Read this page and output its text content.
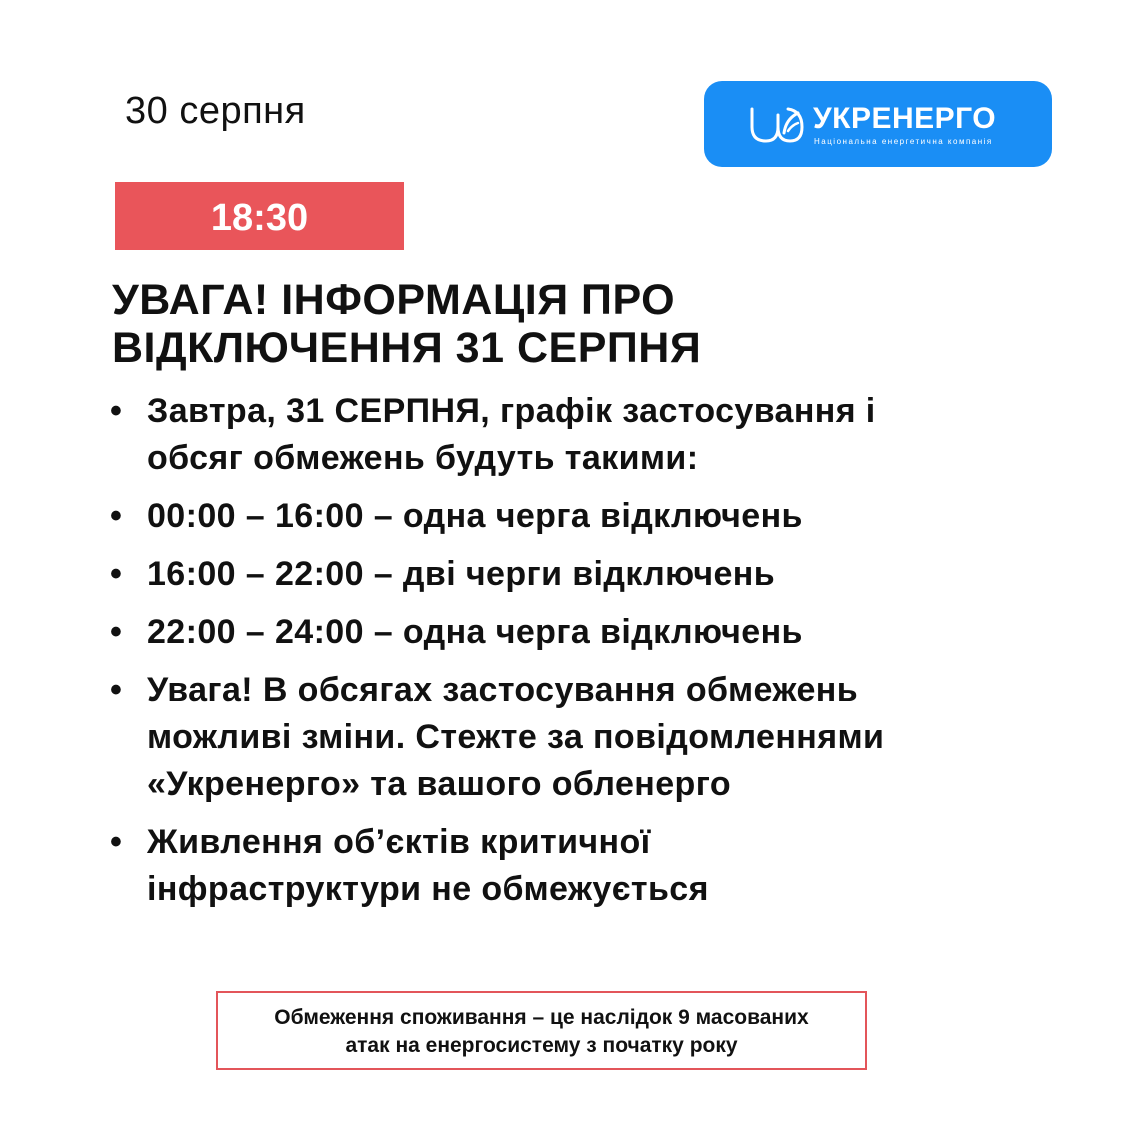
30 серпня	УКРЕНЕРГО
Національна енергетична компанія
18:30
УВАГА! ІНФОРМАЦІЯ ПРО
ВІДКЛЮЧЕННЯ 31 СЕРПНЯ
• Завтра, 31 СЕРПНЯ, графік застосування і
обсяг обмежень будуть такими:
• 00:00 – 16:00 – одна черга відключень
• 16:00 – 22:00 – дві черги відключень
• 22:00 – 24:00 – одна черга відключень
• Увага! В обсягах застосування обмежень
можливі зміни. Стежте за повідомленнями
«Укренерго» та вашого обленерго
• Живлення об’єктів критичної
інфраструктури не обмежується
Обмеження споживання – це наслідок 9 масованих
атак на енергосистему з початку року
